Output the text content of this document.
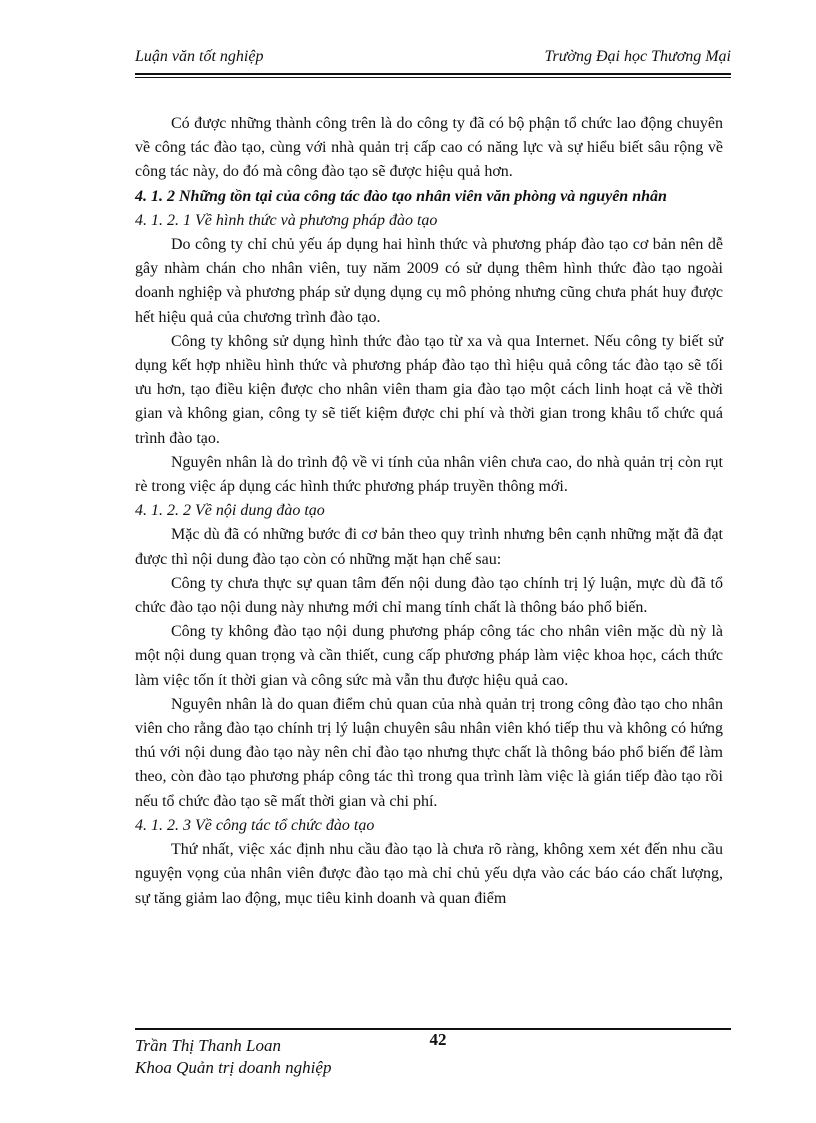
Luận văn tốt nghiệp	Trường Đại học Thương Mại

Có được những thành công trên là do công ty đã có bộ phận tổ chức lao động chuyên về công tác đào tạo, cùng với nhà quản trị cấp cao có năng lực và sự hiểu biết sâu rộng về công tác này, do đó mà công đào tạo sẽ được hiệu quả hơn.

4. 1. 2 Những tồn tại của công tác đào tạo nhân viên văn phòng và nguyên nhân

4. 1. 2. 1 Về hình thức và phương pháp đào tạo

Do công ty chỉ chủ yếu áp dụng hai hình thức và phương pháp đào tạo cơ bản nên dễ gây nhàm chán cho nhân viên, tuy năm 2009 có sử dụng thêm hình thức đào tạo ngoài doanh nghiệp và phương pháp sử dụng dụng cụ mô phỏng nhưng cũng chưa phát huy được hết hiệu quả của chương trình đào tạo.

Công ty không sử dụng hình thức đào tạo từ xa và qua Internet. Nếu công ty biết sử dụng kết hợp nhiều hình thức và phương pháp đào tạo thì hiệu quả công tác đào tạo sẽ tối ưu hơn, tạo điều kiện được cho nhân viên tham gia đào tạo một cách linh hoạt cả về thời gian và không gian, công ty sẽ tiết kiệm được chi phí và thời gian trong khâu tổ chức quá trình đào tạo.

Nguyên nhân là do trình độ về vi tính của nhân viên chưa cao, do nhà quản trị còn rụt rè trong việc áp dụng các hình thức phương pháp truyền thông mới.

4. 1. 2. 2 Về nội dung đào tạo

Mặc dù đã có những bước đi cơ bản theo quy trình nhưng bên cạnh những mặt đã đạt được thì nội dung đào tạo còn có những mặt hạn chế sau:

Công ty chưa thực sự quan tâm đến nội dung đào tạo chính trị lý luận, mực dù đã tổ chức đào tạo nội dung này nhưng mới chỉ mang tính chất là thông báo phổ biến.

Công ty không đào tạo nội dung phương pháp công tác cho nhân viên mặc dù nỳ là một nội dung quan trọng và cần thiết, cung cấp phương pháp làm việc khoa học, cách thức làm việc tốn ít thời gian và công sức mà vẫn thu được hiệu quả cao.

Nguyên nhân là do quan điểm chủ quan của nhà quản trị trong công đào tạo cho nhân viên cho rằng đào tạo chính trị lý luận chuyên sâu nhân viên khó tiếp thu và không có hứng thú với nội dung đào tạo này nên chỉ đào tạo nhưng thực chất là thông báo phổ biến để làm theo, còn đào tạo phương pháp công tác thì trong qua trình làm việc là gián tiếp đào tạo rồi nếu tổ chức đào tạo sẽ mất thời gian và chi phí.

4. 1. 2. 3 Về công tác tổ chức đào tạo

Thứ nhất, việc xác định nhu cầu đào tạo là chưa rõ ràng, không xem xét đến nhu cầu nguyện vọng của nhân viên được đào tạo mà chỉ chủ yếu dựa vào các báo cáo chất lượng, sự tăng giảm lao động, mục tiêu kinh doanh và quan điểm

Trần Thị Thanh Loan	42
Khoa Quản trị doanh nghiệp
